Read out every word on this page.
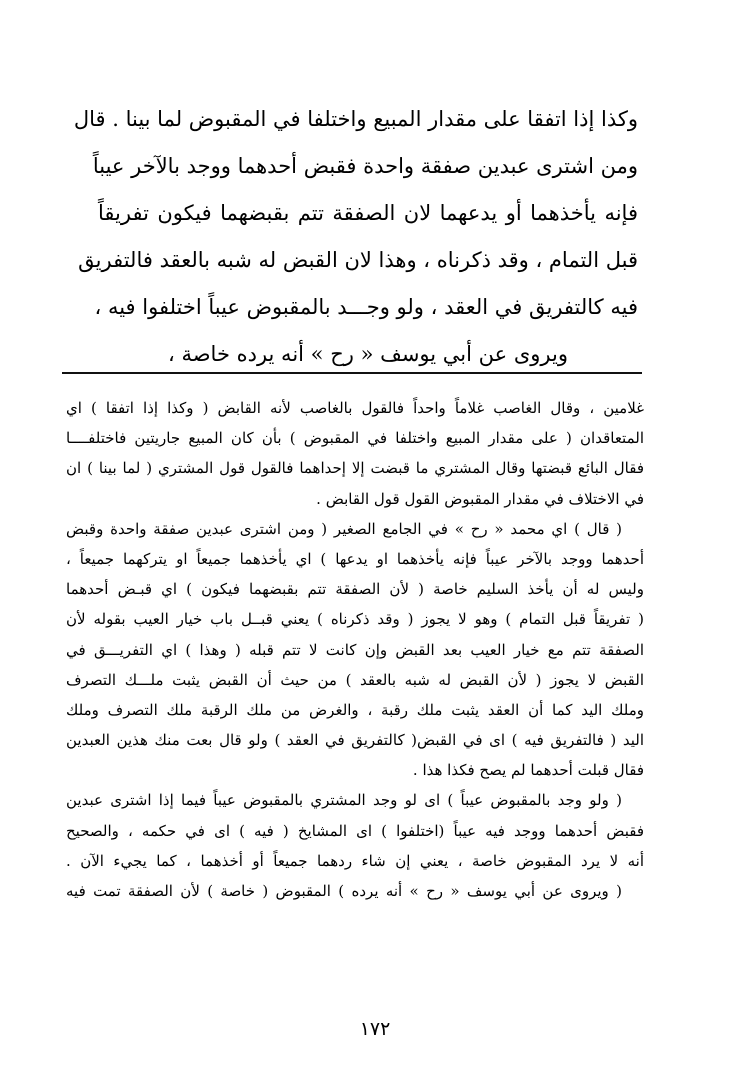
وكذا إذا اتفقا على مقدار المبيع واختلفا في المقبوض لما بينا . قال
ومن اشترى عبدين صفقة واحدة فقبض أحدهما ووجد بالآخر عيباً
فإنه يأخذهما أو يدعهما لان الصفقة تتم بقبضهما فيكون تفريقاً
قبل التمام ، وقد ذكرناه ، وهذا لان القبض له شبه بالعقد فالتفريق
فيه كالتفريق في العقد ، ولو وجـــد بالمقبوض عيباً اختلفوا فيه ،
ويروى عن أبي يوسف « رح » أنه يرده خاصة ،
غلامين ، وقال الغاصب غلاماً واحداً فالقول بالغاصب لأنه القابض ( وكذا إذا اتفقا ) اي
المتعاقدان ( على مقدار المبيع واختلفا في المقبوض ) بأن كان المبيع جاريتين فاختلفــــا
فقال البائع قبضتها وقال المشتري ما قبضت إلا إحداهما فالقول قول المشتري ( لما بينا ) ان
في الاختلاف في مقدار المقبوض القول قول القابض .
( قال ) اي محمد « رح » في الجامع الصغير ( ومن اشترى عبدين صفقة واحدة وقبض
أحدهما ووجد بالآخر عيباً فإنه يأخذهما او يدعها ) اي يأخذهما جميعاً او يتركهما جميعاً ،
وليس له أن يأخذ السليم خاصة ( لأن الصفقة تتم بقبضهما فيكون ) اي قبـض أحدهما
( تفريقاً قبل التمام ) وهو لا يجوز ( وقد ذكرناه ) يعني قبــل باب خيار العيب بقوله لأن
الصفقة تتم مع خيار العيب بعد القبض وإن كانت لا تتم قبله ( وهذا ) اي التفريـــق في
القبض لا يجوز ( لأن القبض له شبه بالعقد ) من حيث أن القبض يثبت ملـــك التصرف
وملك اليد كما أن العقد يثبت ملك رقبة ، والغرض من ملك الرقبة ملك التصرف وملك
اليد ( فالتفريق فيه ) اى في القبض( كالتفريق في العقد ) ولو قال بعت منك هذين العبدين
فقال قبلت أحدهما لم يصح فكذا هذا .
( ولو وجد بالمقبوض عيباً ) اى لو وجد المشتري بالمقبوض عيباً فيما إذا اشترى عبدين
فقبض أحدهما ووجد فيه عيباً (اختلفوا ) اى المشايخ ( فيه ) اى في حكمه ، والصحيح
أنه لا يرد المقبوض خاصة ، يعني إن شاء ردهما جميعاً أو أخذهما ، كما يجيء الآن .
( ويروى عن أبي يوسف « رح » أنه يرده ) المقبوض ( خاصة ) لأن الصفقة تمت فيه
١٧٢
